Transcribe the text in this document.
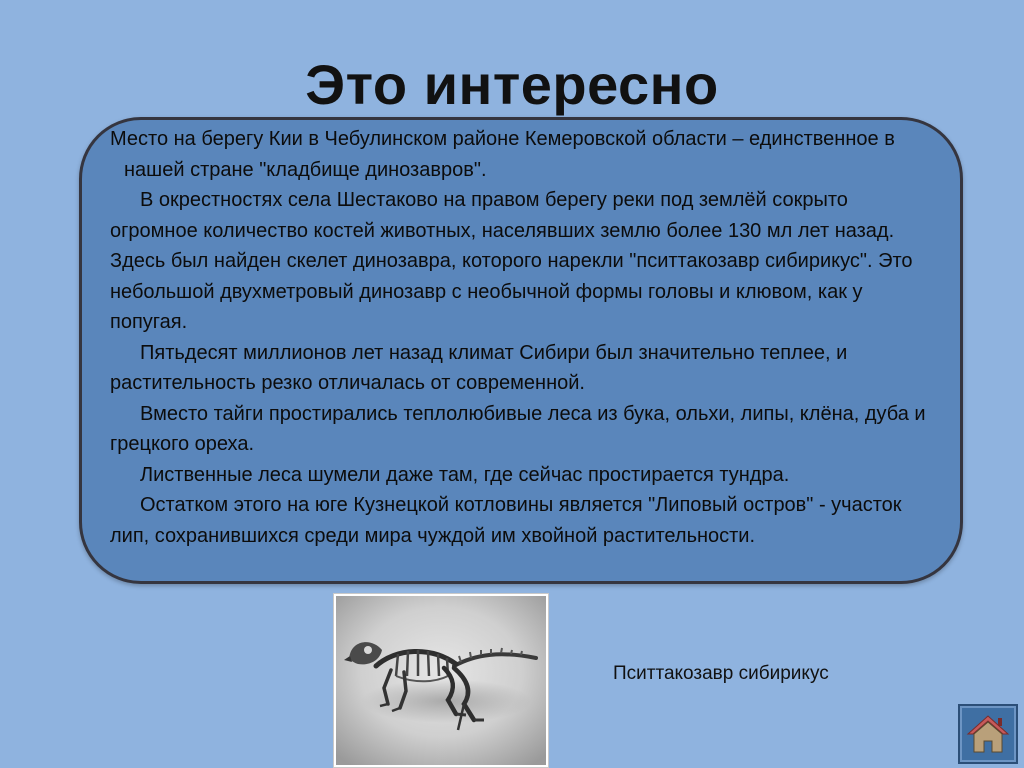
Это интересно

Место на берегу Кии в Чебулинском районе Кемеровской области – единственное в нашей стране "кладбище динозавров".

В окрестностях села Шестаково на правом берегу реки под землёй сокрыто огромное количество костей животных, населявших землю более 130 мл лет назад. Здесь был найден скелет динозавра, которого нарекли "пситтакозавр сибирикус". Это небольшой двухметровый динозавр с необычной формы головы и клювом, как у попугая.

Пятьдесят миллионов лет назад климат Сибири был значительно теплее, и растительность резко отличалась от современной.

Вместо тайги простирались теплолюбивые леса из бука, ольхи, липы, клёна, дуба и грецкого ореха.

Лиственные леса шумели даже там, где сейчас простирается тундра.

Остатком этого на юге Кузнецкой котловины является "Липовый остров" - участок лип, сохранившихся среди мира чуждой им хвойной растительности.

Пситтакозавр сибирикус
